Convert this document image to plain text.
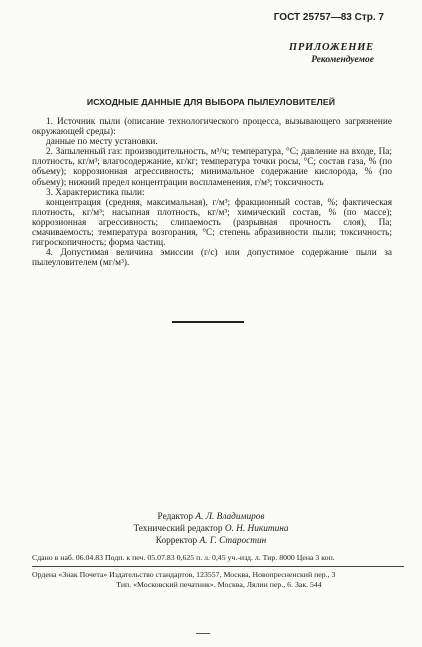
ГОСТ 25757—83 Стр. 7
ПРИЛОЖЕНИЕ
Рекомендуемое
ИСХОДНЫЕ ДАННЫЕ ДЛЯ ВЫБОРА ПЫЛЕУЛОВИТЕЛЕЙ

1. Источник пыли (описание технологического процесса, вызывающего загрязнение окружающей среды):

данные по месту установки.

2. Запыленный газ: производительность, м³/ч; температура, °С; давление на входе, Па; плотность, кг/м³; влагосодержание, кг/кг; температура точки росы, °С; состав газа, % (по объему); коррозионная агрессивность; минимальное содержание кислорода, % (по объему); нижний предел концентрации воспламенения, г/м³; токсичность

3. Характеристика пыли:

концентрация (средняя, максимальная), г/м³; фракционный состав, %; фактическая плотность, кг/м³; насыпная плотность, кг/м³; химический состав, % (по массе); коррозионная агрессивность; слипаемость (разрывная прочность слоя), Па; смачиваемость; температура возгорания, °С; степень абразивности пыли; токсичность; гигроскопичность; форма частиц.

4. Допустимая величина эмиссии (г/с) или допустимое содержание пыли за пылеуловителем (мг/м³).

Редактор А. Л. Владимиров
Технический редактор О. Н. Никитина
Корректор А. Г. Старостин
Сдано в наб. 06.04.83 Подп. к печ. 05.07.83 0,625 п. л. 0,45 уч.-изд. л. Тир. 8000 Цена 3 коп.

Ордена «Знак Почета» Издательство стандартов, 123557, Москва, Новопресненский пер., 3

Тип. «Московский печатник». Москва, Лялин пер., 6. Зак. 544
